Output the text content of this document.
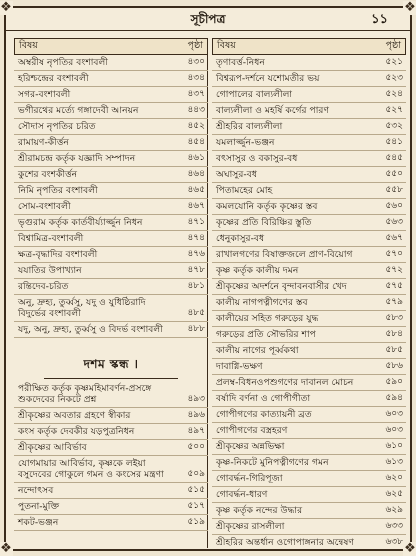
❖	❖
❖	❖
সূচীপত্র	১১
বিষয়	পৃষ্ঠা
অম্বরীষ নৃপতির বংশাবলী	৪৩০
হরিশ্চন্দ্রের বংশাবলী	৪৩৪
সগর-বংশাবলী	৪৩৭
ভগীরথের মর্ত্যে গঙ্গাদেবী আনয়ন	৪৪৩
সৌদাস নৃপতির চরিত	৪৫২
রামায়ণ-কীর্ত্তন	৪৫৪
শ্রীরামচন্দ্র কর্তৃক যজ্ঞাদি সম্পাদন	৪৬১
কুশের বংশকীর্ত্তন	৪৬৪
নিমি নৃপতির বংশাবলী	৪৬৫
সোম-বংশাবলী	৪৬৭
ভৃগুরাম কর্তৃক কার্তবীর্য্যার্জ্জুন নিধন	৪৭১
বিশ্বামিত্র-বংশাবলী	৪৭৪
ক্ষত্র-বৃদ্ধাদির বংশাবলী	৪৭৬
যযাতির উপাখ্যান	৪৭৮
রন্তিদেব-চরিত	৪৮১
অনু, দ্রুহ্য, তুর্ব্বসু, যদু ও যুধিষ্ঠিরাদি বিদুর্ভের বংশাবলী	৪৮৫
যদু, অনু, দ্রুহ্য, তুর্ব্বসু ও বিদর্ভ বংশাবলী	৪৮৮
দশম স্কন্ধ ।
পরীক্ষিত কর্তৃক কৃষ্ণমহিমাবর্ণন-প্রসঙ্গে শুকদেবের নিকটে প্রশ্ন	৪৯৩
শ্রীকৃষ্ণের অবতার গ্রহণে স্বীকার	৪৯৬
কংস কর্তৃক দেবকীর যড়পুত্রনিধন	৪৯৭
শ্রীকৃষ্ণের আবির্ভাব	৫০০
যোগমায়ার আবির্ভাব, কৃষ্ণকে লইয়া বসুদেবের গোকুলে গমন ও কংসের মন্ত্রণা	৫০৯
নন্দোৎসব	৫১৫
পুতনা-মুক্তি	৫১৭
শকট-ভঞ্জন	৫১৯
বিষয়	পৃষ্ঠা
তৃণাবর্ত্ত-নিধন	৫২১
বিশ্বরূপ-দর্শনে যশোমতীর ভয়	৫২৩
গোপালের বাল্যলীলা	৫২৪
বাল্যলীলা ও মহর্ষি কর্গের পারণ	৫২৭
শ্রীহরির বাল্যলীলা	৫৩২
যমলার্জ্জুন-ভঞ্জন	৫৪১
বৎসাসুর ও বকাসুর-বধ	৫৪৫
অঘাসুর-বধ	৫৫০
পিতামহের মোহ	৫৫৮
কমলযোনি কর্তৃক কৃষ্ণের স্তব	৫৬০
কৃষ্ণের প্রতি বিরিঞ্চির স্তুতি	৫৬৩
ধেনুকাসুর-বধ	৫৬৭
রাখালগণের বিষাক্তজলে প্রাণ-বিয়োগ	৫৭০
কৃষ্ণ কর্তৃক কালীয় দমন	৫৭২
শ্রীকৃষ্ণের অদর্শনে বৃন্দাবনবাসীর খেদ	৫৭৫
কালীয় নাগপত্নীগণের স্তব	৫৭৯
কালীয়ের সহিত গরুড়ের যুদ্ধ	৫৮৩
গরুড়ের প্রতি সৌভরির শাপ	৫৮৪
কালীয় নাগের পূর্ব্বকথা	৫৮৫
দাবাগ্নি-ভক্ষণ	৫৮৬
প্রলম্ব-বিধনওপশুগণের দাবানল মোচন	৫৯০
বর্ষাদি বর্ণনা ও গোপীগীতা	৫৯৪
গোপীগণের কাত্যায়নী ব্রত	৬০৩
গোপীগণের বস্ত্রহরণ	৬০৩
শ্রীকৃষ্ণের অন্নভিক্ষা	৬১০
কৃষ্ণ-নিকটে মুনিপত্নীগণের গমন	৬১৩
গোবর্দ্ধন-গিরিপূজা	৬২০
গোবর্দ্ধন-ধারণ	৬২৫
কৃষ্ণ কর্তৃক নন্দের উদ্ধার	৬২৯
শ্রীকৃষ্ণের রাসলীলা	৬৩৩
শ্রীহরির অন্তর্ধান ওগোপাঙ্গনার অন্বেষণ	৬৩৮
